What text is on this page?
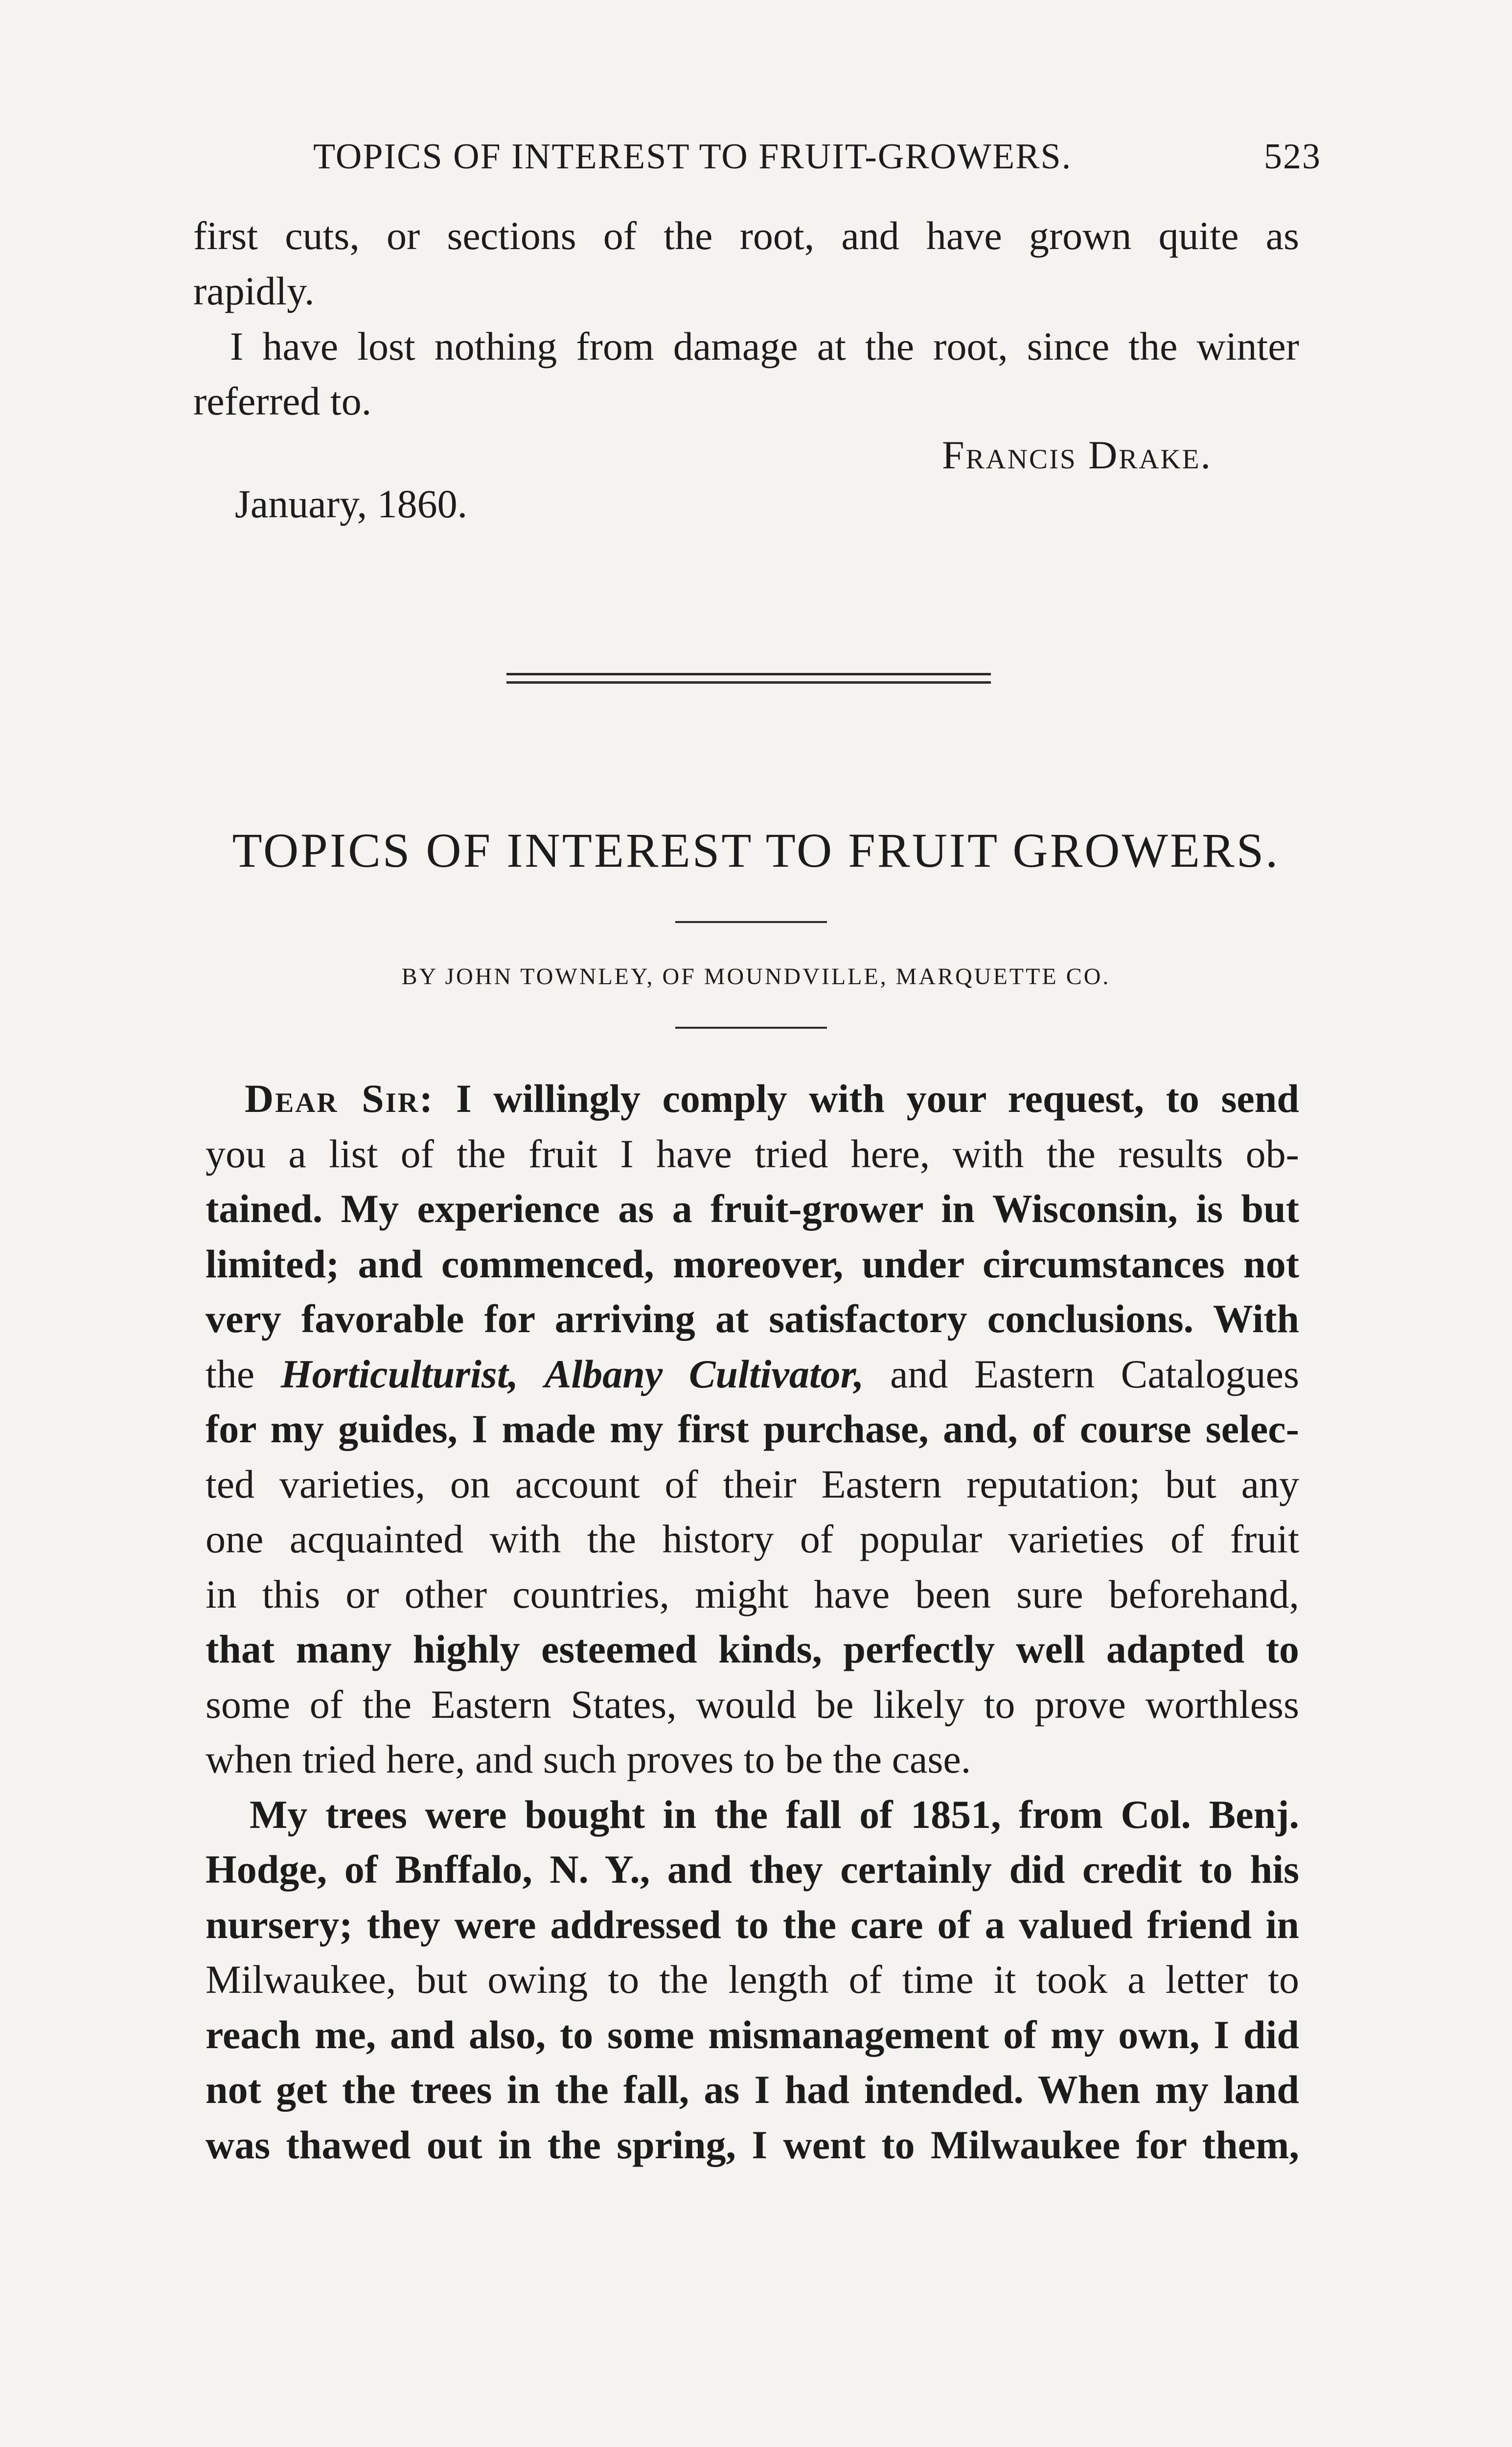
TOPICS OF INTEREST TO FRUIT-GROWERS.	523
first cuts, or sections of the root, and have grown quite as
rapidly.
I have lost nothing from damage at the root, since the winter
referred to.
Francis Drake.
January, 1860.
TOPICS OF INTEREST TO FRUIT GROWERS.
BY JOHN TOWNLEY, OF MOUNDVILLE, MARQUETTE CO.
Dear Sir: I willingly comply with your request, to send
you a list of the fruit I have tried here, with the results ob-
tained. My experience as a fruit-grower in Wisconsin, is but
limited; and commenced, moreover, under circumstances not
very favorable for arriving at satisfactory conclusions. With
the Horticulturist, Albany Cultivator, and Eastern Catalogues
for my guides, I made my first purchase, and, of course selec-
ted varieties, on account of their Eastern reputation; but any
one acquainted with the history of popular varieties of fruit
in this or other countries, might have been sure beforehand,
that many highly esteemed kinds, perfectly well adapted to
some of the Eastern States, would be likely to prove worthless
when tried here, and such proves to be the case.
My trees were bought in the fall of 1851, from Col. Benj.
Hodge, of Bnffalo, N. Y., and they certainly did credit to his
nursery; they were addressed to the care of a valued friend in
Milwaukee, but owing to the length of time it took a letter to
reach me, and also, to some mismanagement of my own, I did
not get the trees in the fall, as I had intended. When my land
was thawed out in the spring, I went to Milwaukee for them,
